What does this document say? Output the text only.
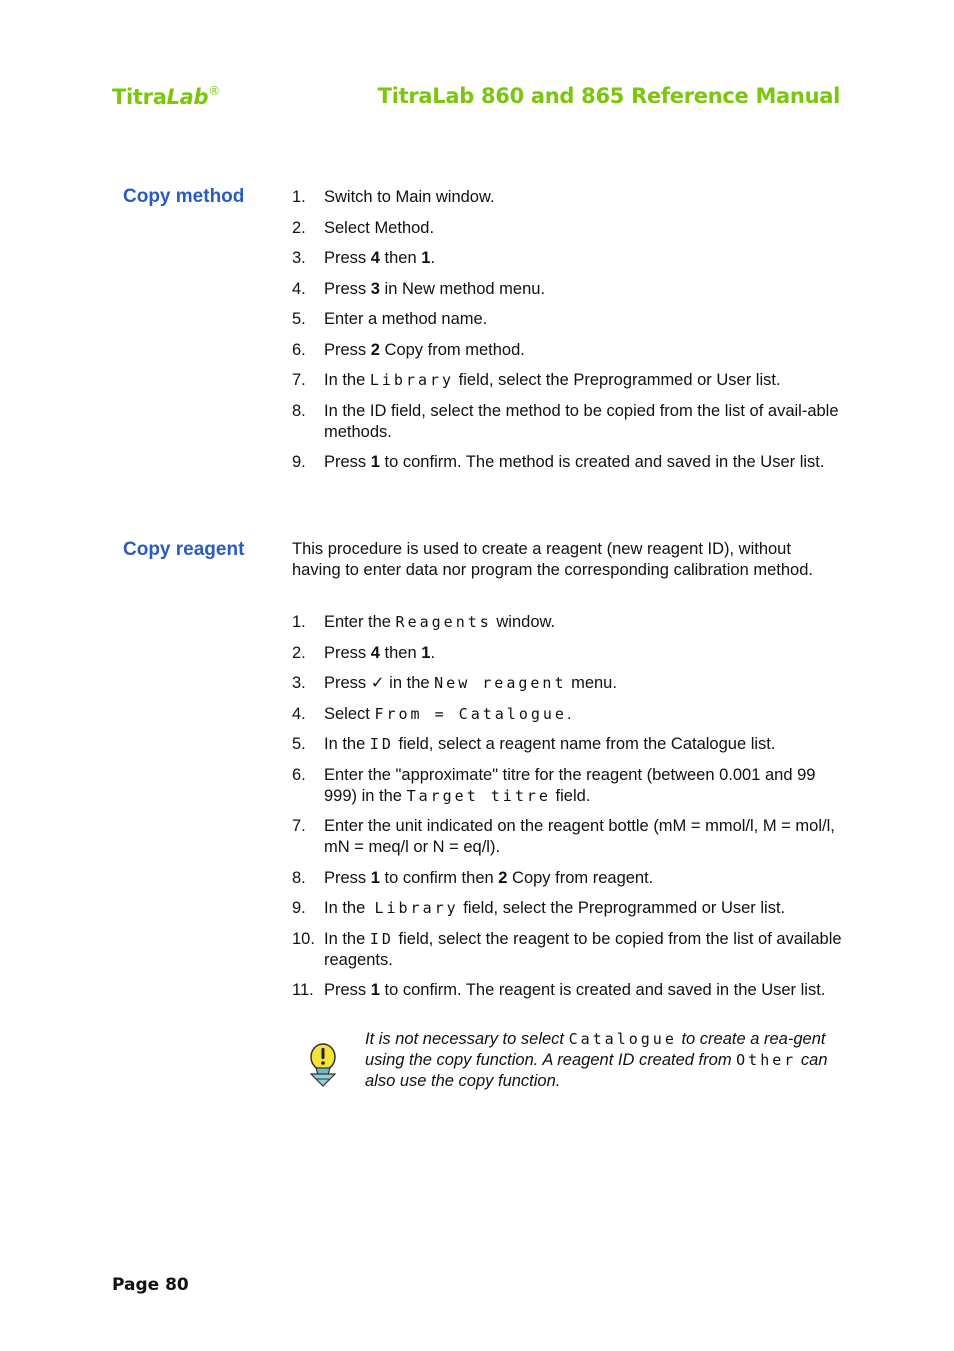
TitraLab®	TitraLab 860 and 865 Reference Manual
Copy method	1. Switch to Main window.
2. Select Method.
3. Press 4 then 1.
4. Press 3 in New method menu.
5. Enter a method name.
6. Press 2 Copy from method.
7. In the Library field, select the Preprogrammed or User list.
8. In the ID field, select the method to be copied from the list of avail-able methods.
9. Press 1 to confirm. The method is created and saved in the User list.
Copy reagent	This procedure is used to create a reagent (new reagent ID), without having to enter data nor program the corresponding calibration method.
1. Enter the Reagents window.
2. Press 4 then 1.
3. Press ✓ in the New reagent menu.
4. Select From = Catalogue.
5. In the ID field, select a reagent name from the Catalogue list.
6. Enter the "approximate" titre for the reagent (between 0.001 and 99 999) in the Target titre field.
7. Enter the unit indicated on the reagent bottle (mM = mmol/l, M = mol/l, mN = meq/l or N = eq/l).
8. Press 1 to confirm then 2 Copy from reagent.
9. In the  Library field, select the Preprogrammed or User list.
10. In the ID field, select the reagent to be copied from the list of available reagents.
11. Press 1 to confirm. The reagent is created and saved in the User list.
It is not necessary to select Catalogue to create a rea-gent using the copy function. A reagent ID created from Other can also use the copy function.
Page 80
